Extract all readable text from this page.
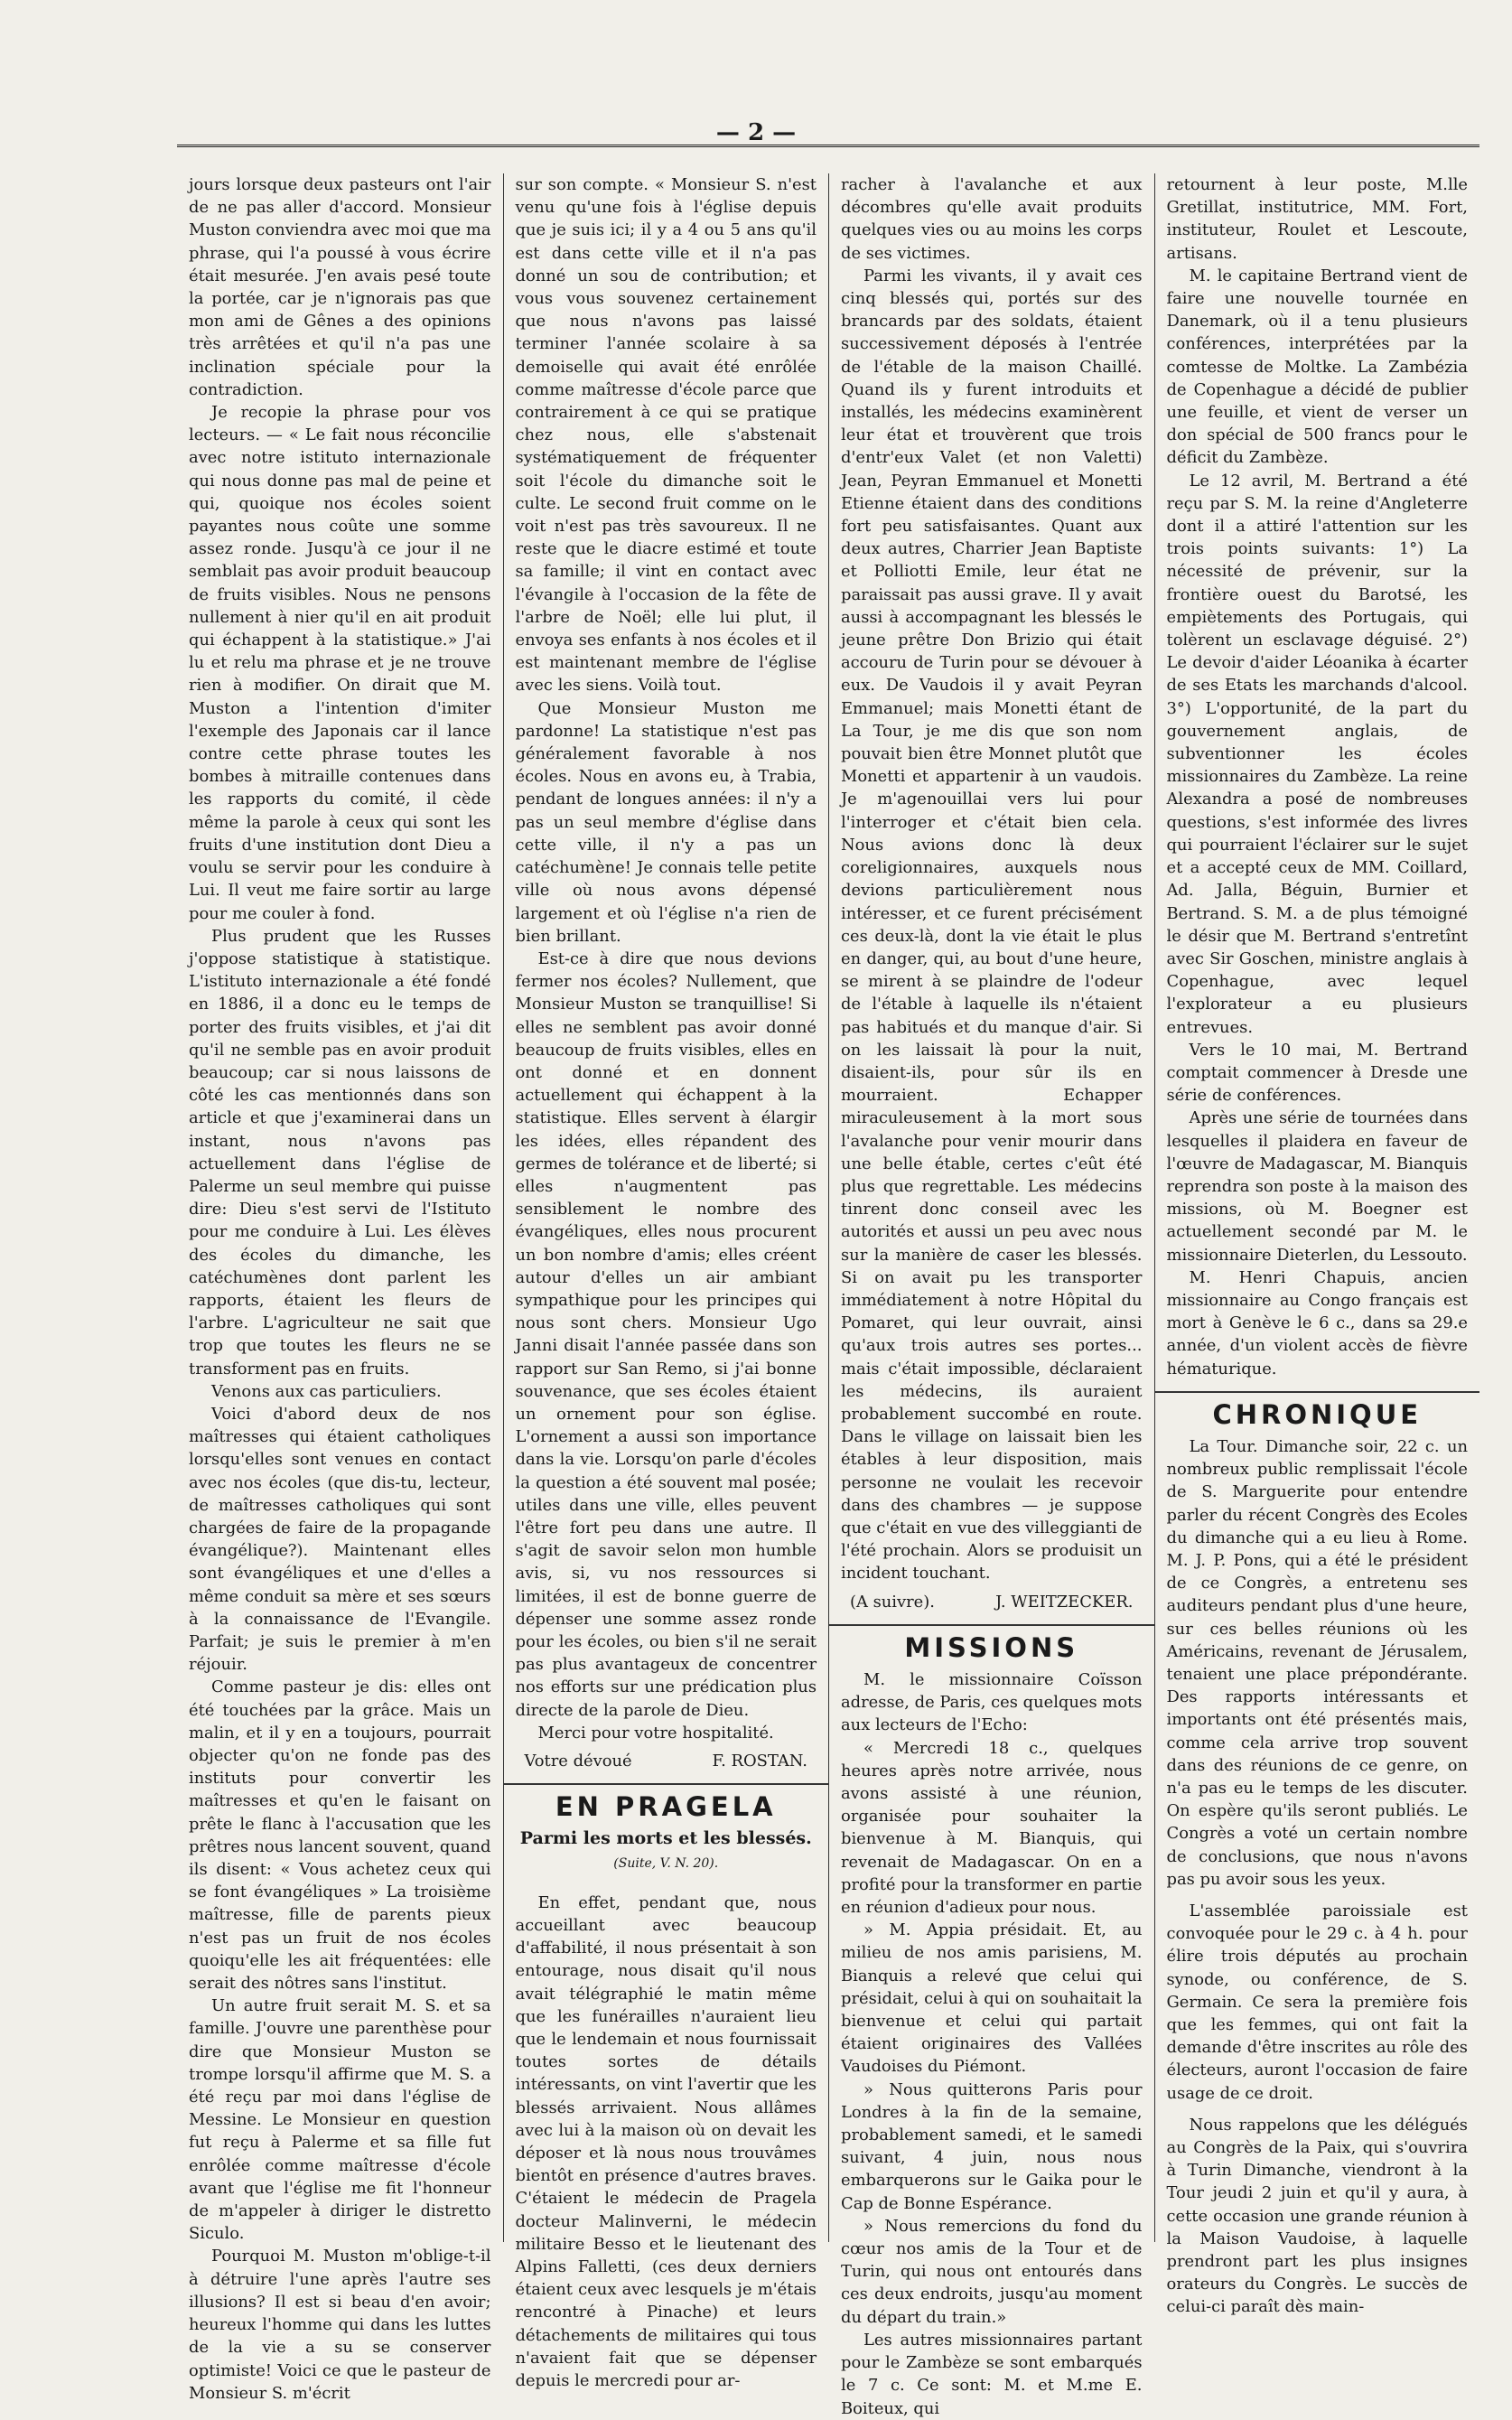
— 2 —

jours lorsque deux pasteurs ont l'air de ne pas aller d'accord. Monsieur Muston conviendra avec moi que ma phrase, qui l'a poussé à vous écrire était mesurée. J'en avais pesé toute la portée, car je n'ignorais pas que mon ami de Gênes a des opinions très arrêtées et qu'il n'a pas une inclination spéciale pour la contradiction.

Je recopie la phrase pour vos lecteurs. — « Le fait nous réconcilie avec notre istituto internazionale qui nous donne pas mal de peine et qui, quoique nos écoles soient payantes nous coûte une somme assez ronde. Jusqu'à ce jour il ne semblait pas avoir produit beaucoup de fruits visibles. Nous ne pensons nullement à nier qu'il en ait produit qui échappent à la statistique.» J'ai lu et relu ma phrase et je ne trouve rien à modifier. On dirait que M. Muston a l'intention d'imiter l'exemple des Japonais car il lance contre cette phrase toutes les bombes à mitraille contenues dans les rapports du comité, il cède même la parole à ceux qui sont les fruits d'une institution dont Dieu a voulu se servir pour les conduire à Lui. Il veut me faire sortir au large pour me couler à fond.

Plus prudent que les Russes j'oppose statistique à statistique. L'istituto internazionale a été fondé en 1886, il a donc eu le temps de porter des fruits visibles, et j'ai dit qu'il ne semble pas en avoir produit beaucoup; car si nous laissons de côté les cas mentionnés dans son article et que j'examinerai dans un instant, nous n'avons pas actuellement dans l'église de Palerme un seul membre qui puisse dire: Dieu s'est servi de l'Istituto pour me conduire à Lui. Les élèves des écoles du dimanche, les catéchumènes dont parlent les rapports, étaient les fleurs de l'arbre. L'agriculteur ne sait que trop que toutes les fleurs ne se transforment pas en fruits.

Venons aux cas particuliers.

Voici d'abord deux de nos maîtresses qui étaient catholiques lorsqu'elles sont venues en contact avec nos écoles (que dis-tu, lecteur, de maîtresses catholiques qui sont chargées de faire de la propagande évangélique?). Maintenant elles sont évangéliques et une d'elles a même conduit sa mère et ses sœurs à la connaissance de l'Evangile. Parfait; je suis le premier à m'en réjouir.

Comme pasteur je dis: elles ont été touchées par la grâce. Mais un malin, et il y en a toujours, pourrait objecter qu'on ne fonde pas des instituts pour convertir les maîtresses et qu'en le faisant on prête le flanc à l'accusation que les prêtres nous lancent souvent, quand ils disent: « Vous achetez ceux qui se font évangéliques » La troisième maîtresse, fille de parents pieux n'est pas un fruit de nos écoles quoiqu'elle les ait fréquentées: elle serait des nôtres sans l'institut.

Un autre fruit serait M. S. et sa famille. J'ouvre une parenthèse pour dire que Monsieur Muston se trompe lorsqu'il affirme que M. S. a été reçu par moi dans l'église de Messine. Le Monsieur en question fut reçu à Palerme et sa fille fut enrôlée comme maîtresse d'école avant que l'église me fit l'honneur de m'appeler à diriger le distretto Siculo.

Pourquoi M. Muston m'oblige-t-il à détruire l'une après l'autre ses illusions? Il est si beau d'en avoir; heureux l'homme qui dans les luttes de la vie a su se conserver optimiste! Voici ce que le pasteur de Monsieur S. m'écrit

sur son compte. « Monsieur S. n'est venu qu'une fois à l'église depuis que je suis ici; il y a 4 ou 5 ans qu'il est dans cette ville et il n'a pas donné un sou de contribution; et vous vous souvenez certainement que nous n'avons pas laissé terminer l'année scolaire à sa demoiselle qui avait été enrôlée comme maîtresse d'école parce que contrairement à ce qui se pratique chez nous, elle s'abstenait systématiquement de fréquenter soit l'école du dimanche soit le culte. Le second fruit comme on le voit n'est pas très savoureux. Il ne reste que le diacre estimé et toute sa famille; il vint en contact avec l'évangile à l'occasion de la fête de l'arbre de Noël; elle lui plut, il envoya ses enfants à nos écoles et il est maintenant membre de l'église avec les siens. Voilà tout.

Que Monsieur Muston me pardonne! La statistique n'est pas généralement favorable à nos écoles. Nous en avons eu, à Trabia, pendant de longues années: il n'y a pas un seul membre d'église dans cette ville, il n'y a pas un catéchumène! Je connais telle petite ville où nous avons dépensé largement et où l'église n'a rien de bien brillant.

Est-ce à dire que nous devions fermer nos écoles? Nullement, que Monsieur Muston se tranquillise! Si elles ne semblent pas avoir donné beaucoup de fruits visibles, elles en ont donné et en donnent actuellement qui échappent à la statistique. Elles servent à élargir les idées, elles répandent des germes de tolérance et de liberté; si elles n'augmentent pas sensiblement le nombre des évangéliques, elles nous procurent un bon nombre d'amis; elles créent autour d'elles un air ambiant sympathique pour les principes qui nous sont chers. Monsieur Ugo Janni disait l'année passée dans son rapport sur San Remo, si j'ai bonne souvenance, que ses écoles étaient un ornement pour son église. L'ornement a aussi son importance dans la vie. Lorsqu'on parle d'écoles la question a été souvent mal posée; utiles dans une ville, elles peuvent l'être fort peu dans une autre. Il s'agit de savoir selon mon humble avis, si, vu nos ressources si limitées, il est de bonne guerre de dépenser une somme assez ronde pour les écoles, ou bien s'il ne serait pas plus avantageux de concentrer nos efforts sur une prédication plus directe de la parole de Dieu.

Merci pour votre hospitalité.

Votre dévoué	F. ROSTAN.
EN PRAGELA
Parmi les morts et les blessés.
(Suite, V. N. 20).

En effet, pendant que, nous accueillant avec beaucoup d'affabilité, il nous présentait à son entourage, nous disait qu'il nous avait télégraphié le matin même que les funérailles n'auraient lieu que le lendemain et nous fournissait toutes sortes de détails intéressants, on vint l'avertir que les blessés arrivaient. Nous allâmes avec lui à la maison où on devait les déposer et là nous nous trouvâmes bientôt en présence d'autres braves. C'étaient le médecin de Pragela docteur Malinverni, le médecin militaire Besso et le lieutenant des Alpins Falletti, (ces deux derniers étaient ceux avec lesquels je m'étais rencontré à Pinache) et leurs détachements de militaires qui tous n'avaient fait que se dépenser depuis le mercredi pour ar-

racher à l'avalanche et aux décombres qu'elle avait produits quelques vies ou au moins les corps de ses victimes.

Parmi les vivants, il y avait ces cinq blessés qui, portés sur des brancards par des soldats, étaient successivement déposés à l'entrée de l'étable de la maison Chaillé. Quand ils y furent introduits et installés, les médecins examinèrent leur état et trouvèrent que trois d'entr'eux Valet (et non Valetti) Jean, Peyran Emmanuel et Monetti Etienne étaient dans des conditions fort peu satisfaisantes. Quant aux deux autres, Charrier Jean Baptiste et Polliotti Emile, leur état ne paraissait pas aussi grave. Il y avait aussi à accompagnant les blessés le jeune prêtre Don Brizio qui était accouru de Turin pour se dévouer à eux. De Vaudois il y avait Peyran Emmanuel; mais Monetti étant de La Tour, je me dis que son nom pouvait bien être Monnet plutôt que Monetti et appartenir à un vaudois. Je m'agenouillai vers lui pour l'interroger et c'était bien cela. Nous avions donc là deux coreligionnaires, auxquels nous devions particulièrement nous intéresser, et ce furent précisément ces deux-là, dont la vie était le plus en danger, qui, au bout d'une heure, se mirent à se plaindre de l'odeur de l'étable à laquelle ils n'étaient pas habitués et du manque d'air. Si on les laissait là pour la nuit, disaient-ils, pour sûr ils en mourraient. Echapper miraculeusement à la mort sous l'avalanche pour venir mourir dans une belle étable, certes c'eût été plus que regrettable. Les médecins tinrent donc conseil avec les autorités et aussi un peu avec nous sur la manière de caser les blessés. Si on avait pu les transporter immédiatement à notre Hôpital du Pomaret, qui leur ouvrait, ainsi qu'aux trois autres ses portes... mais c'était impossible, déclaraient les médecins, ils auraient probablement succombé en route. Dans le village on laissait bien les étables à leur disposition, mais personne ne voulait les recevoir dans des chambres — je suppose que c'était en vue des villeggianti de l'été prochain. Alors se produisit un incident touchant.

(A suivre).	J. WEITZECKER.
MISSIONS

M. le missionnaire Coïsson adresse, de Paris, ces quelques mots aux lecteurs de l'Echo:

« Mercredi 18 c., quelques heures après notre arrivée, nous avons assisté à une réunion, organisée pour souhaiter la bienvenue à M. Bianquis, qui revenait de Madagascar. On en a profité pour la transformer en partie en réunion d'adieux pour nous.

» M. Appia présidait. Et, au milieu de nos amis parisiens, M. Bianquis a relevé que celui qui présidait, celui à qui on souhaitait la bienvenue et celui qui partait étaient originaires des Vallées Vaudoises du Piémont.

» Nous quitterons Paris pour Londres à la fin de la semaine, probablement samedi, et le samedi suivant, 4 juin, nous nous embarquerons sur le Gaika pour le Cap de Bonne Espérance.

» Nous remercions du fond du cœur nos amis de la Tour et de Turin, qui nous ont entourés dans ces deux endroits, jusqu'au moment du départ du train.»

Les autres missionnaires partant pour le Zambèze se sont embarqués le 7 c. Ce sont: M. et M.me E. Boiteux, qui

retournent à leur poste, M.lle Gretillat, institutrice, MM. Fort, instituteur, Roulet et Lescoute, artisans.

M. le capitaine Bertrand vient de faire une nouvelle tournée en Danemark, où il a tenu plusieurs conférences, interprétées par la comtesse de Moltke. La Zambézia de Copenhague a décidé de publier une feuille, et vient de verser un don spécial de 500 francs pour le déficit du Zambèze.

Le 12 avril, M. Bertrand a été reçu par S. M. la reine d'Angleterre dont il a attiré l'attention sur les trois points suivants: 1°) La nécessité de prévenir, sur la frontière ouest du Barotsé, les empiètements des Portugais, qui tolèrent un esclavage déguisé. 2°) Le devoir d'aider Léoanika à écarter de ses Etats les marchands d'alcool. 3°) L'opportunité, de la part du gouvernement anglais, de subventionner les écoles missionnaires du Zambèze. La reine Alexandra a posé de nombreuses questions, s'est informée des livres qui pourraient l'éclairer sur le sujet et a accepté ceux de MM. Coillard, Ad. Jalla, Béguin, Burnier et Bertrand. S. M. a de plus témoigné le désir que M. Bertrand s'entretînt avec Sir Goschen, ministre anglais à Copenhague, avec lequel l'explorateur a eu plusieurs entrevues.

Vers le 10 mai, M. Bertrand comptait commencer à Dresde une série de conférences.

Après une série de tournées dans lesquelles il plaidera en faveur de l'œuvre de Madagascar, M. Bianquis reprendra son poste à la maison des missions, où M. Boegner est actuellement secondé par M. le missionnaire Dieterlen, du Lessouto.

M. Henri Chapuis, ancien missionnaire au Congo français est mort à Genève le 6 c., dans sa 29.e année, d'un violent accès de fièvre hématurique.

CHRONIQUE

La Tour. Dimanche soir, 22 c. un nombreux public remplissait l'école de S. Marguerite pour entendre parler du récent Congrès des Ecoles du dimanche qui a eu lieu à Rome. M. J. P. Pons, qui a été le président de ce Congrès, a entretenu ses auditeurs pendant plus d'une heure, sur ces belles réunions où les Américains, revenant de Jérusalem, tenaient une place prépondérante. Des rapports intéressants et importants ont été présentés mais, comme cela arrive trop souvent dans des réunions de ce genre, on n'a pas eu le temps de les discuter. On espère qu'ils seront publiés. Le Congrès a voté un certain nombre de conclusions, que nous n'avons pas pu avoir sous les yeux.

L'assemblée paroissiale est convoquée pour le 29 c. à 4 h. pour élire trois députés au prochain synode, ou conférence, de S. Germain. Ce sera la première fois que les femmes, qui ont fait la demande d'être inscrites au rôle des électeurs, auront l'occasion de faire usage de ce droit.

Nous rappelons que les délégués au Congrès de la Paix, qui s'ouvrira à Turin Dimanche, viendront à la Tour jeudi 2 juin et qu'il y aura, à cette occasion une grande réunion à la Maison Vaudoise, à laquelle prendront part les plus insignes orateurs du Congrès. Le succès de celui-ci paraît dès main-
